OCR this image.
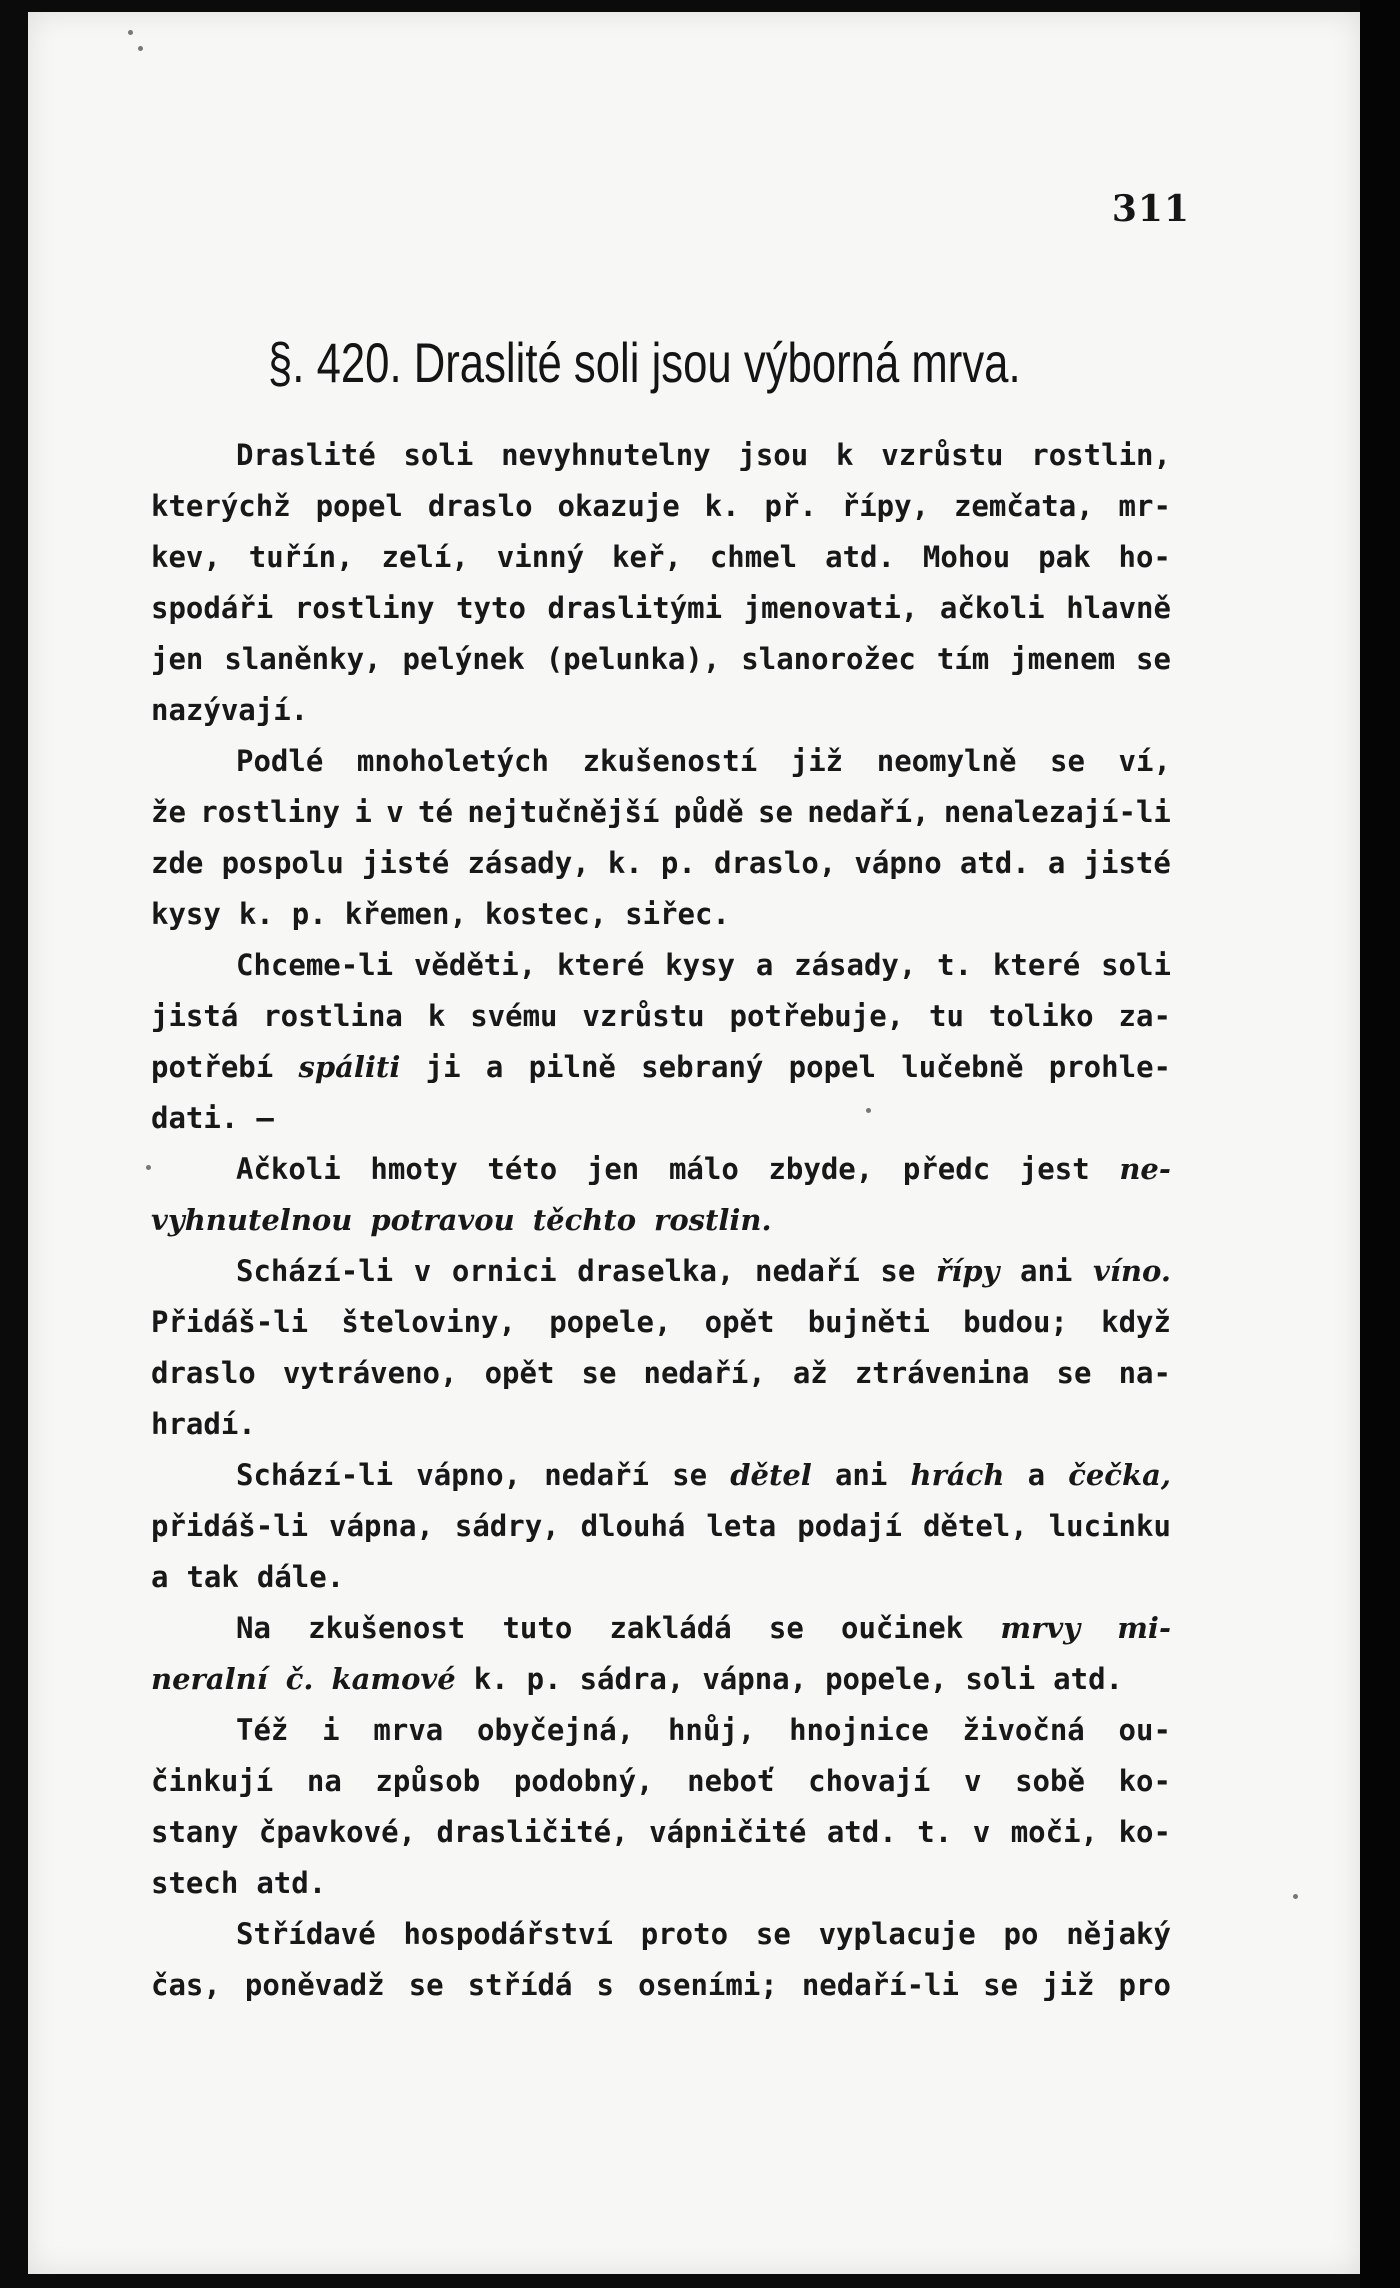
311
§. 420. Draslité soli jsou výborná mrva.
Draslité soli nevyhnutelny jsou k vzrůstu rostlin,
kterýchž popel draslo okazuje k. př. řípy, zemčata, mr-
kev, tuřín, zelí, vinný keř, chmel atd. Mohou pak ho-
spodáři rostliny tyto draslitými jmenovati, ačkoli hlavně
jen slaněnky, pelýnek (pelunka), slanorožec tím jmenem se
nazývají.
Podlé mnoholetých zkušeností již neomylně se ví,
že rostliny i v té nejtučnější půdě se nedaří, nenalezají-li
zde pospolu jisté zásady, k. p. draslo, vápno atd. a jisté
kysy k. p. křemen, kostec, siřec.
Chceme-li věděti, které kysy a zásady, t. které soli
jistá rostlina k svému vzrůstu potřebuje, tu toliko za-
potřebí spáliti ji a pilně sebraný popel lučebně prohle-
dati. —
Ačkoli hmoty této jen málo zbyde, předc jest ne-
vyhnutelnou potravou těchto rostlin.
Schází-li v ornici draselka, nedaří se řípy ani víno.
Přidáš-li šteloviny, popele, opět bujněti budou; když
draslo vytráveno, opět se nedaří, až ztrávenina se na-
hradí.
Schází-li vápno, nedaří se dětel ani hrách a čečka,
přidáš-li vápna, sádry, dlouhá leta podají dětel, lucinku
a tak dále.
Na zkušenost tuto zakládá se oučinek mrvy mi-
neralní č. kamové k. p. sádra, vápna, popele, soli atd.
Též i mrva obyčejná, hnůj, hnojnice živočná ou-
činkují na způsob podobný, neboť chovají v sobě ko-
stany čpavkové, drasličité, vápničité atd. t. v moči, ko-
stech atd.
Střídavé hospodářství proto se vyplacuje po nějaký
čas, poněvadž se střídá s oseními; nedaří-li se již pro
